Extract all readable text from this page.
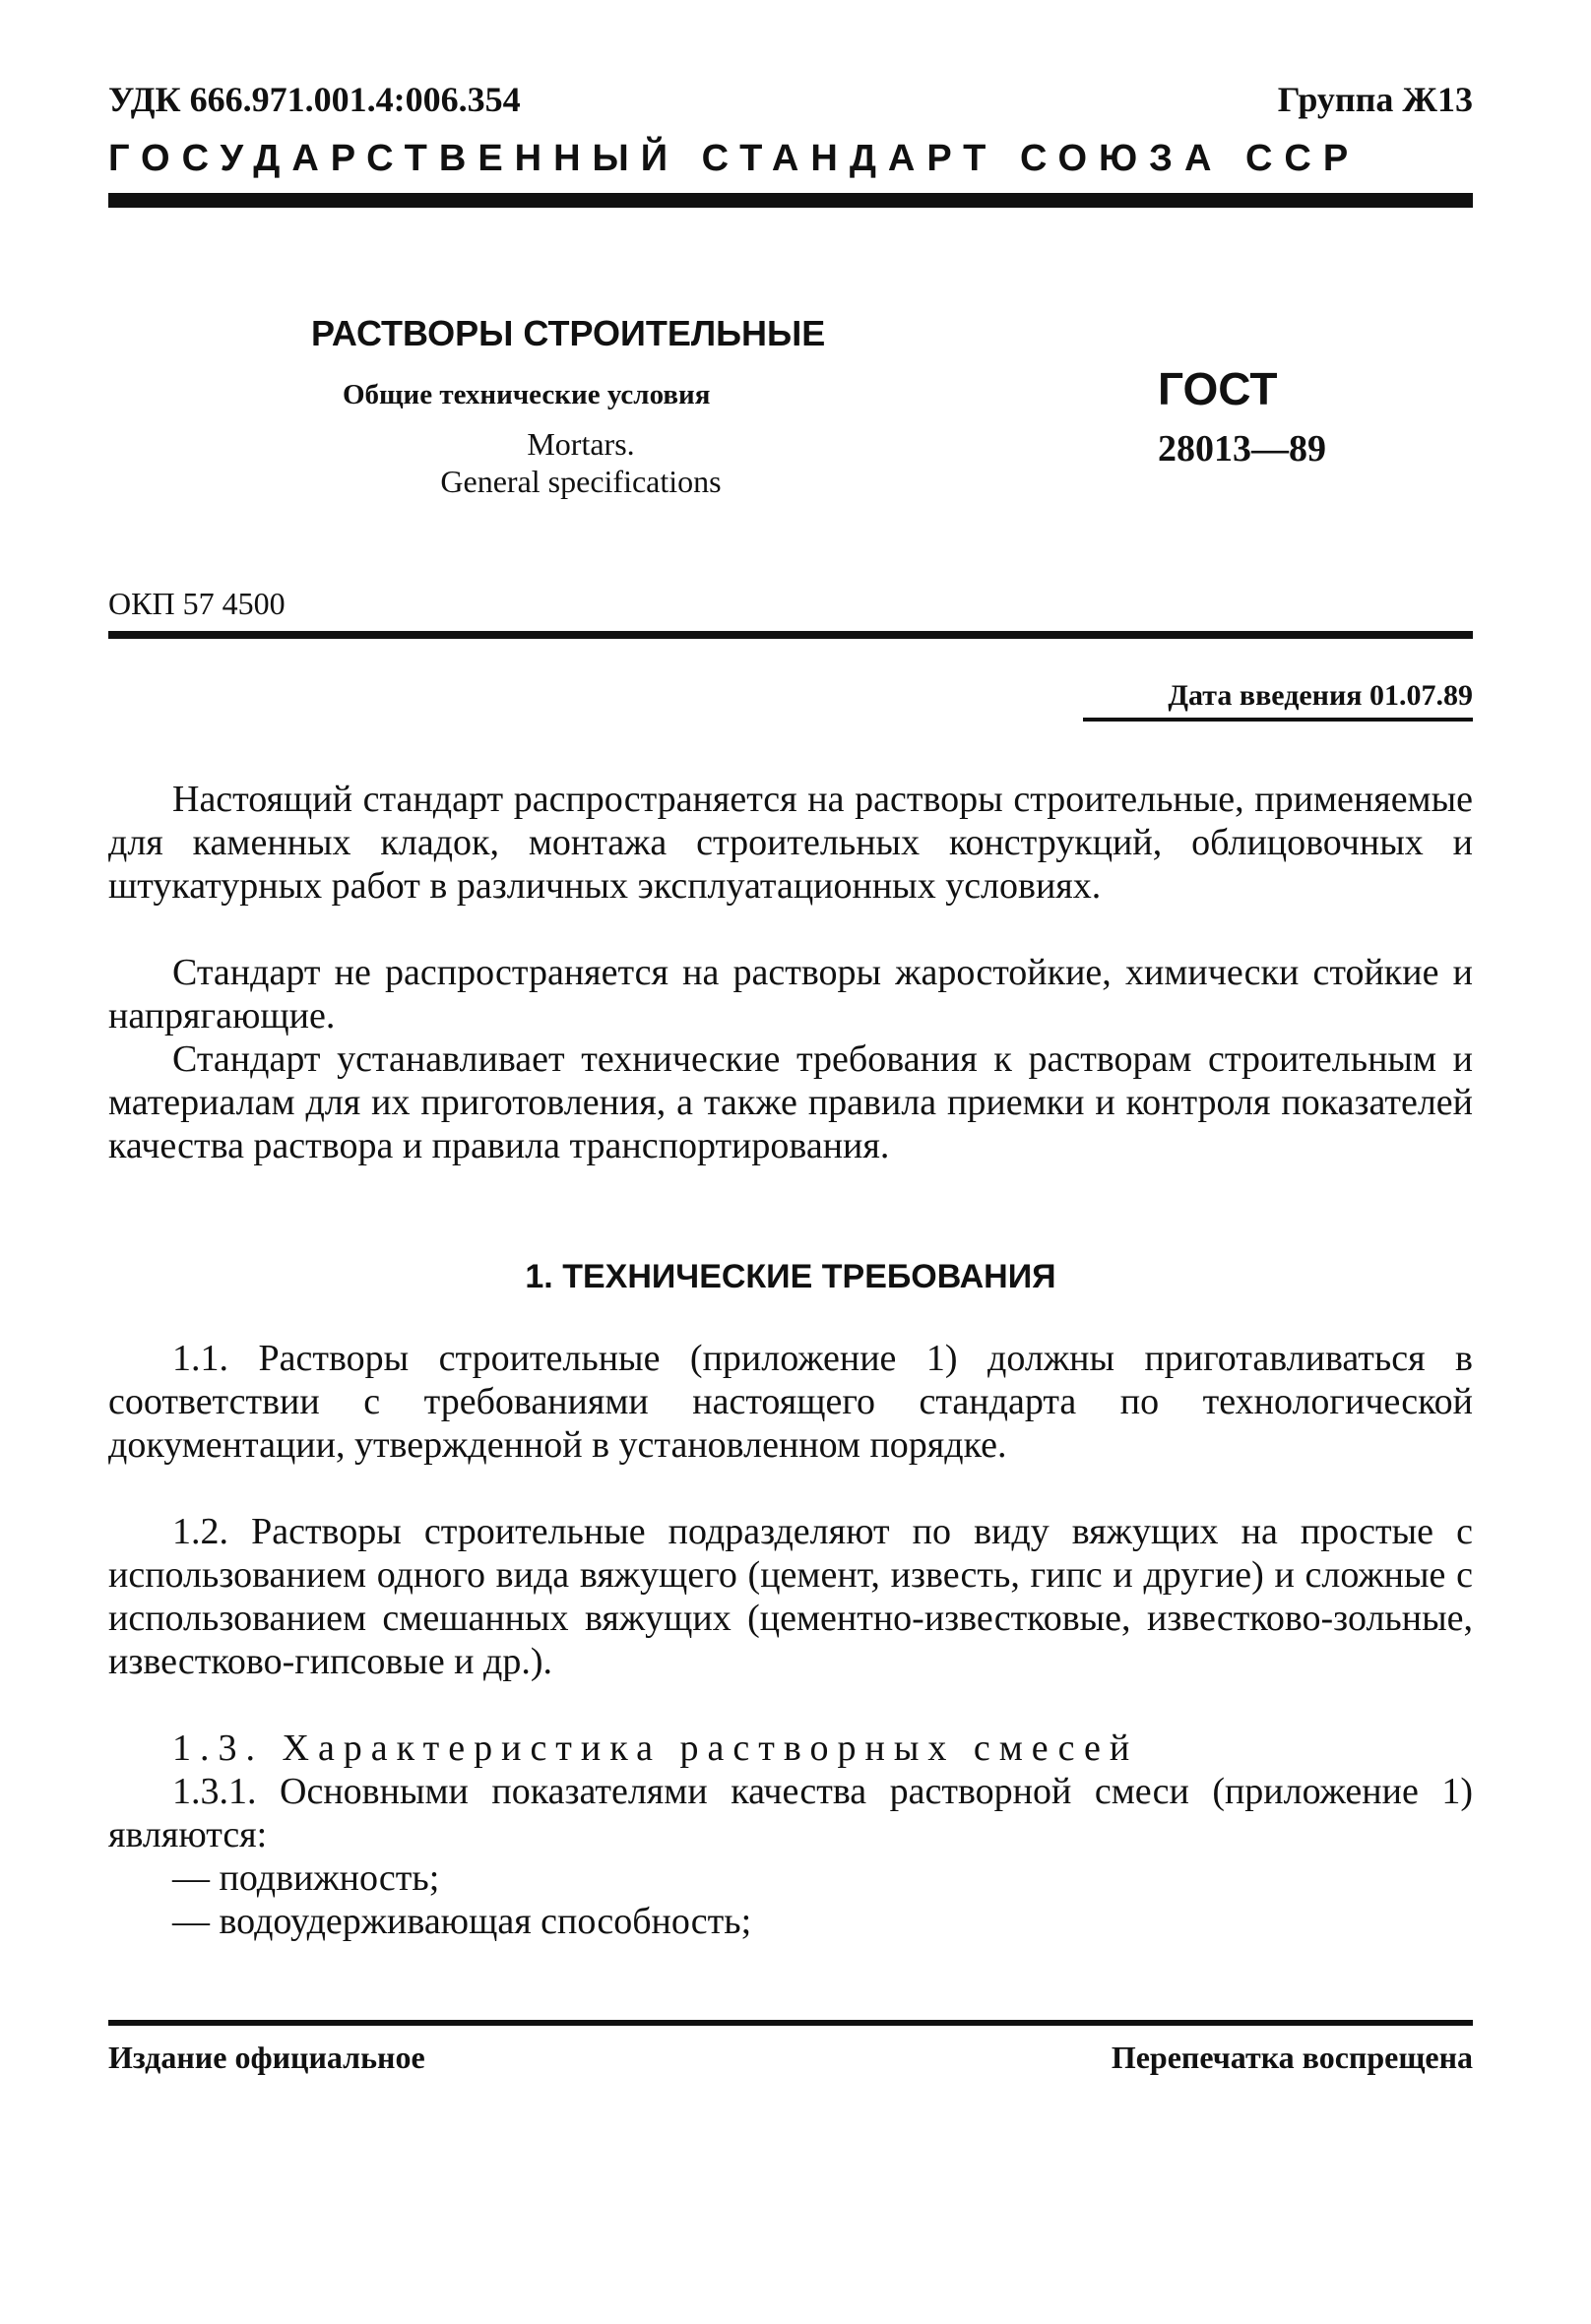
УДК 666.971.001.4:006.354	Группа Ж13
ГОСУДАРСТВЕННЫЙ СТАНДАРТ СОЮЗА ССР
РАСТВОРЫ СТРОИТЕЛЬНЫЕ
Общие технические условия
Mortars.
General specifications
ГОСТ
28013—89
ОКП 57 4500
Дата введения 01.07.89
Настоящий стандарт распространяется на растворы строительные, применяемые для каменных кладок, монтажа строительных конструкций, облицовочных и штукатурных работ в различных эксплуатационных условиях.
Стандарт не распространяется на растворы жаростойкие, химически стойкие и напрягающие.
Стандарт устанавливает технические требования к растворам строительным и материалам для их приготовления, а также правила приемки и контроля показателей качества раствора и правила транспортирования.
1. ТЕХНИЧЕСКИЕ ТРЕБОВАНИЯ
1.1. Растворы строительные (приложение 1) должны приготавливаться в соответствии с требованиями настоящего стандарта по технологической документации, утвержденной в установленном порядке.
1.2. Растворы строительные подразделяют по виду вяжущих на простые с использованием одного вида вяжущего (цемент, известь, гипс и другие) и сложные с использованием смешанных вяжущих (цементно-известковые, известково-зольные, известково-гипсовые и др.).
1.3. Характеристика растворных смесей
1.3.1. Основными показателями качества растворной смеси (приложение 1) являются:
— подвижность;
— водоудерживающая способность;
Издание официальное	Перепечатка воспрещена
